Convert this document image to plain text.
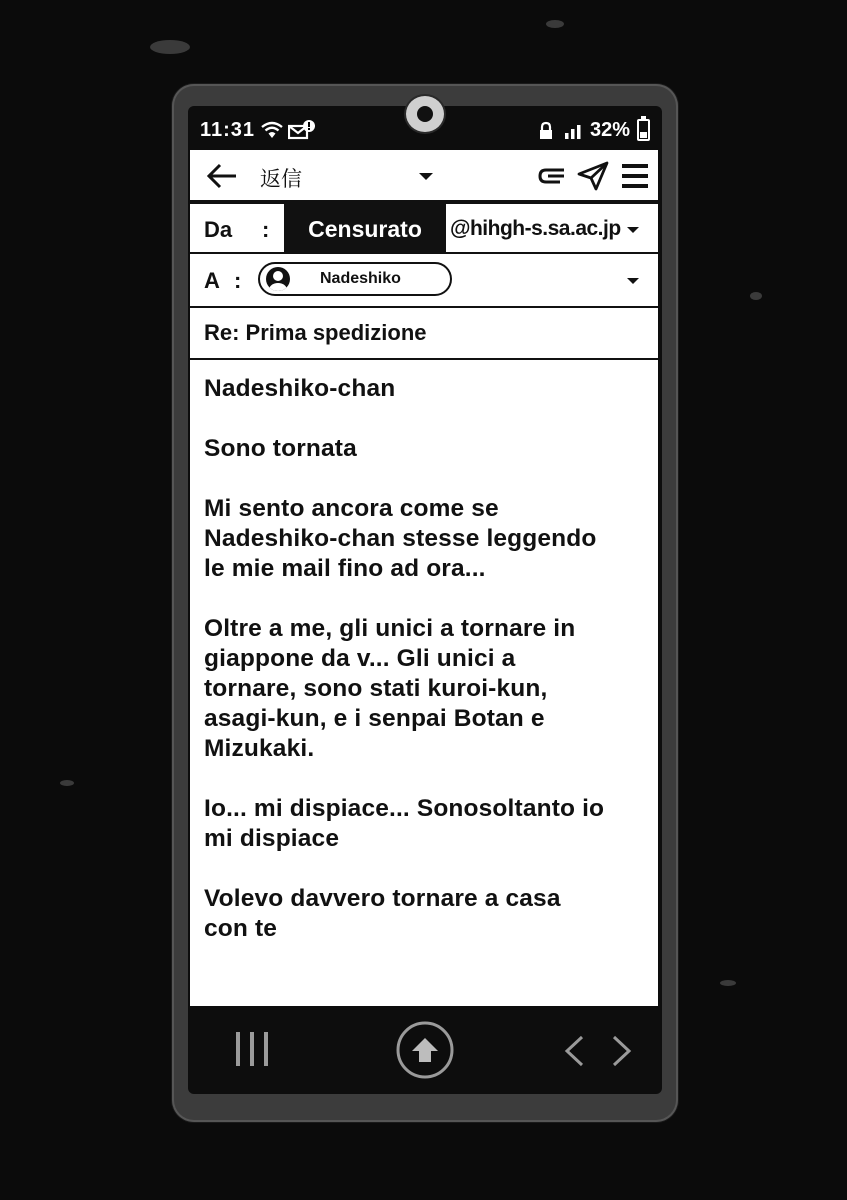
11:31	32%
返信
Da :	Censurato	@hihgh-s.sa.ac.jp
A :	Nadeshiko
Re: Prima spedizione

Nadeshiko-chan

Sono tornata

Mi sento ancora come se
Nadeshiko-chan stesse leggendo
le mie mail fino ad ora...

Oltre a me, gli unici a tornare in
giappone da v... Gli unici a
tornare, sono stati kuroi-kun,
asagi-kun, e i senpai Botan e
Mizukaki.

Io... mi dispiace... Sonosoltanto io
mi dispiace

Volevo davvero tornare a casa
con te
